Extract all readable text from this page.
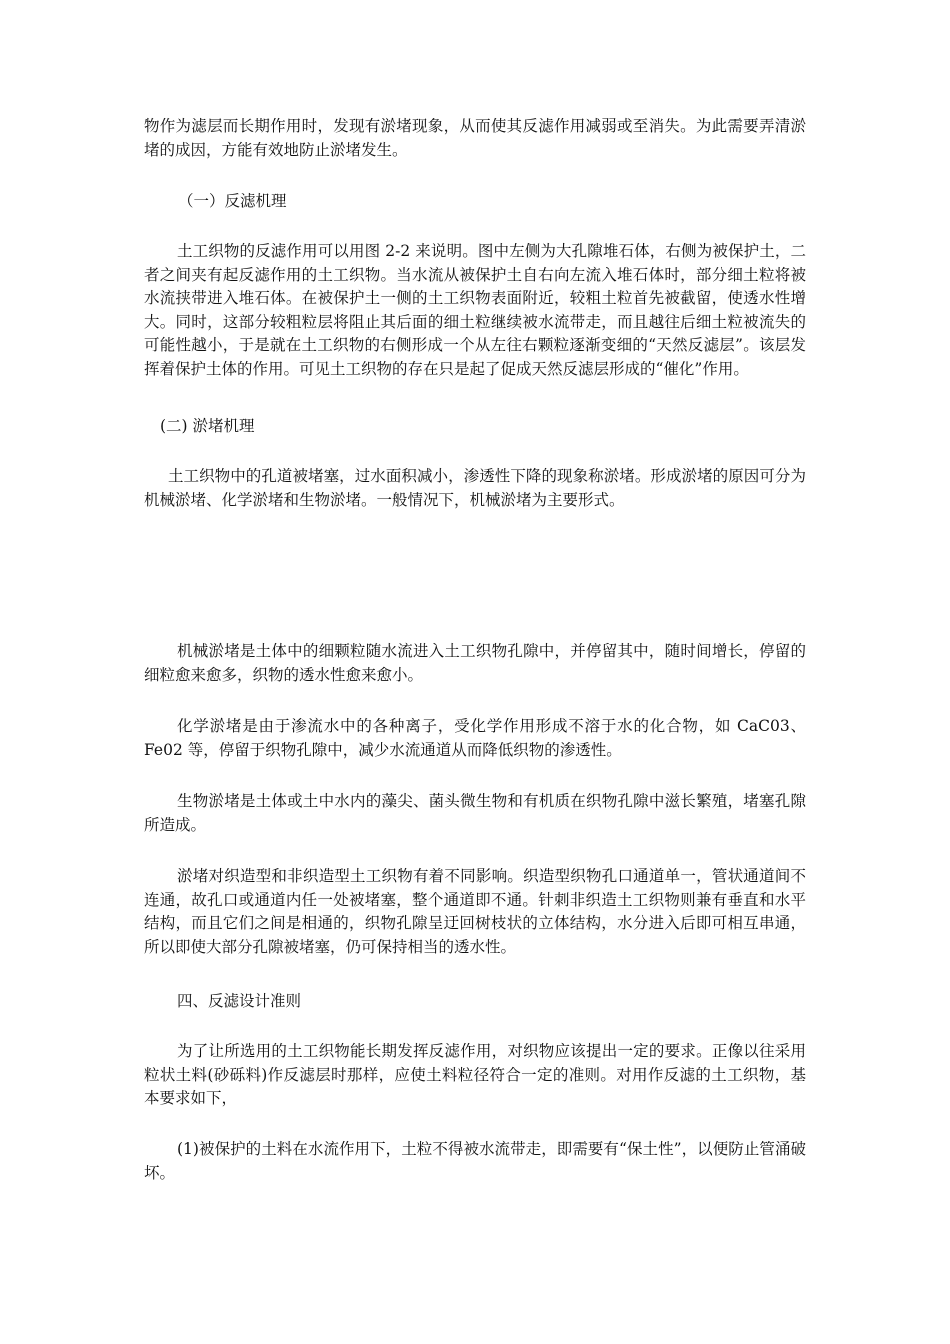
物作为滤层而长期作用时，发现有淤堵现象，从而使其反滤作用减弱或至消失。为此需要弄清淤堵的成因，方能有效地防止淤堵发生。

（一）反滤机理

土工织物的反滤作用可以用图 2-2 来说明。图中左侧为大孔隙堆石体，右侧为被保护土，二者之间夹有起反滤作用的土工织物。当水流从被保护土自右向左流入堆石体时，部分细土粒将被水流挟带进入堆石体。在被保护土一侧的土工织物表面附近，较粗土粒首先被截留，使透水性增大。同时，这部分较粗粒层将阻止其后面的细土粒继续被水流带走，而且越往后细土粒被流失的可能性越小，于是就在土工织物的右侧形成一个从左往右颗粒逐渐变细的“天然反滤层”。该层发挥着保护土体的作用。可见土工织物的存在只是起了促成天然反滤层形成的“催化”作用。

(二) 淤堵机理

土工织物中的孔道被堵塞，过水面积减小，渗透性下降的现象称淤堵。形成淤堵的原因可分为机械淤堵、化学淤堵和生物淤堵。一般情况下，机械淤堵为主要形式。

机械淤堵是土体中的细颗粒随水流进入土工织物孔隙中，并停留其中，随时间增长，停留的细粒愈来愈多，织物的透水性愈来愈小。

化学淤堵是由于渗流水中的各种离子，受化学作用形成不溶于水的化合物，如 CaC03、Fe02 等，停留于织物孔隙中，减少水流通道从而降低织物的渗透性。

生物淤堵是土体或土中水内的藻尖、菌头微生物和有机质在织物孔隙中滋长繁殖，堵塞孔隙所造成。

淤堵对织造型和非织造型土工织物有着不同影响。织造型织物孔口通道单一，管状通道间不连通，故孔口或通道内任一处被堵塞，整个通道即不通。针刺非织造土工织物则兼有垂直和水平结构，而且它们之间是相通的，织物孔隙呈迂回树枝状的立体结构，水分进入后即可相互串通，所以即使大部分孔隙被堵塞，仍可保持相当的透水性。

四、反滤设计准则

为了让所选用的土工织物能长期发挥反滤作用，对织物应该提出一定的要求。正像以往采用粒状土料(砂砾料)作反滤层时那样，应使土料粒径符合一定的准则。对用作反滤的土工织物，基本要求如下，

(1)被保护的土料在水流作用下，土粒不得被水流带走，即需要有“保土性”，以便防止管涌破坏。
